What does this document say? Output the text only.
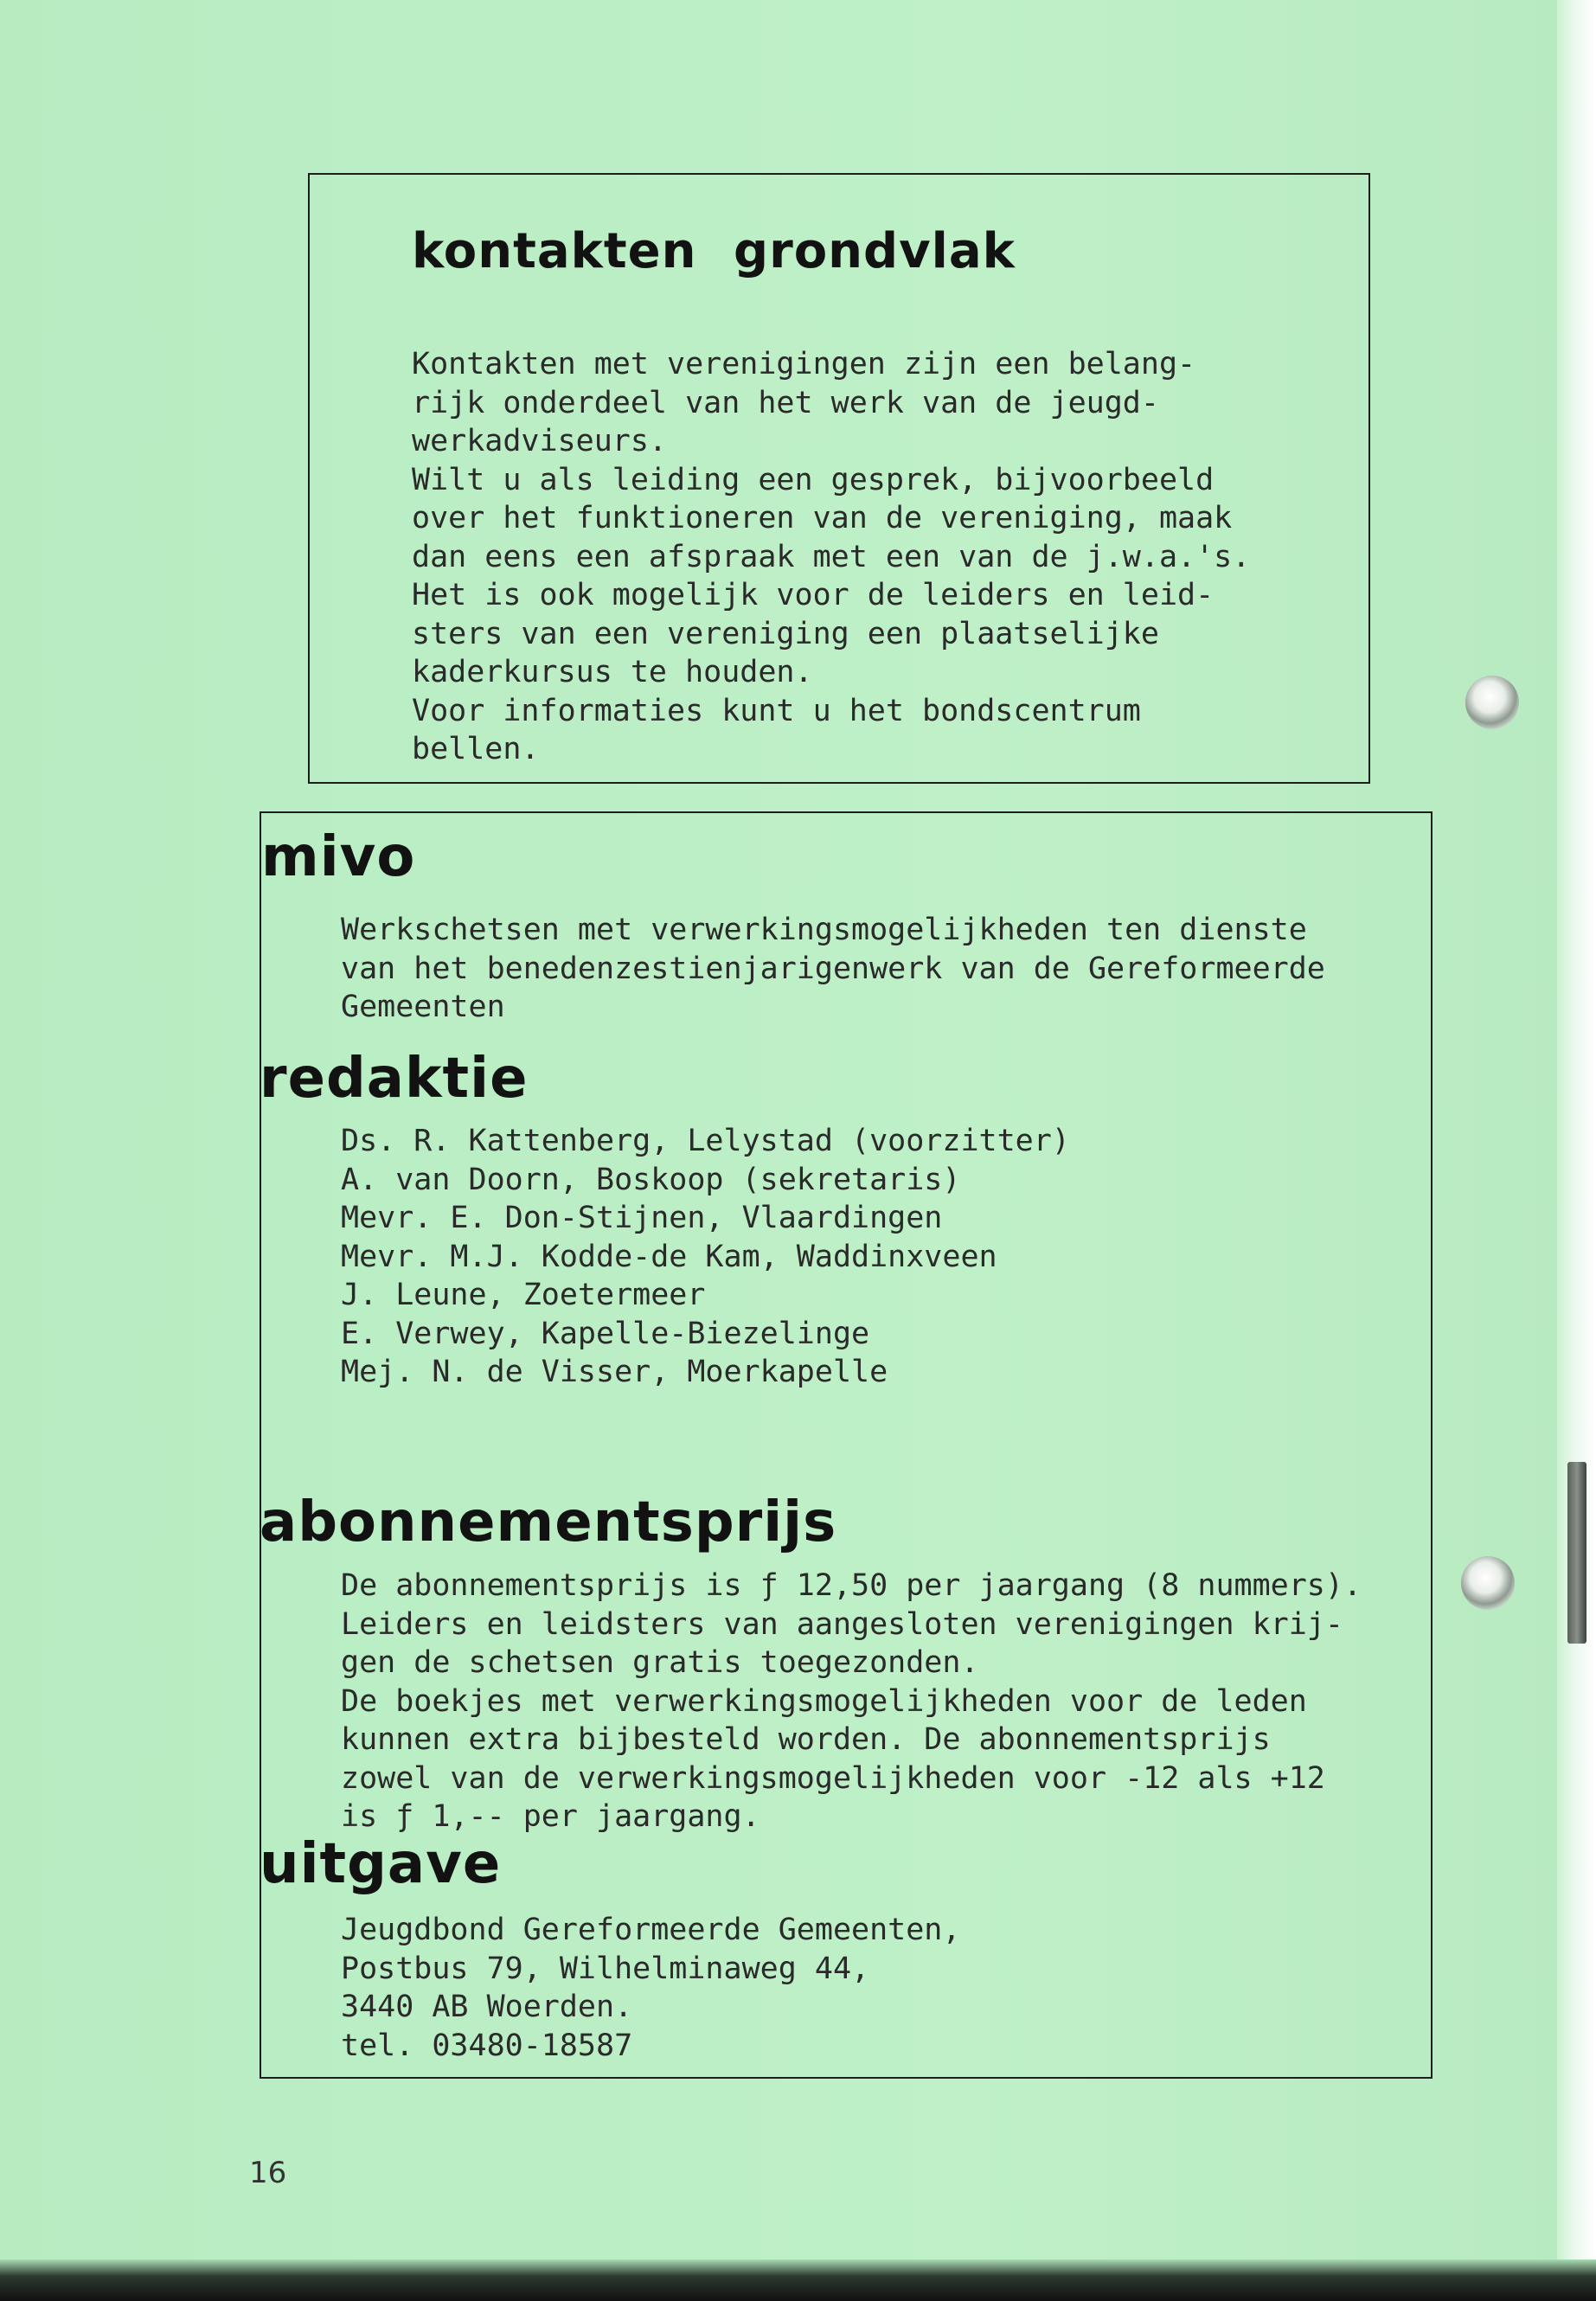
kontakten grondvlak
Kontakten met verenigingen zijn een belang-
rijk onderdeel van het werk van de jeugd-
werkadviseurs.
Wilt u als leiding een gesprek, bijvoorbeeld
over het funktioneren van de vereniging, maak
dan eens een afspraak met een van de j.w.a.'s.
Het is ook mogelijk voor de leiders en leid-
sters van een vereniging een plaatselijke
kaderkursus te houden.
Voor informaties kunt u het bondscentrum
bellen.
mivo
Werkschetsen met verwerkingsmogelijkheden ten dienste
van het benedenzestienjarigenwerk van de Gereformeerde
Gemeenten
redaktie
Ds. R. Kattenberg, Lelystad (voorzitter)
A. van Doorn, Boskoop (sekretaris)
Mevr. E. Don-Stijnen, Vlaardingen
Mevr. M.J. Kodde-de Kam, Waddinxveen
J. Leune, Zoetermeer
E. Verwey, Kapelle-Biezelinge
Mej. N. de Visser, Moerkapelle
abonnementsprijs
De abonnementsprijs is ƒ 12,50 per jaargang (8 nummers).
Leiders en leidsters van aangesloten verenigingen krij-
gen de schetsen gratis toegezonden.
De boekjes met verwerkingsmogelijkheden voor de leden
kunnen extra bijbesteld worden. De abonnementsprijs
zowel van de verwerkingsmogelijkheden voor -12 als +12
is ƒ 1,-- per jaargang.
uitgave
Jeugdbond Gereformeerde Gemeenten,
Postbus 79, Wilhelminaweg 44,
3440 AB Woerden.
tel. 03480-18587
16
